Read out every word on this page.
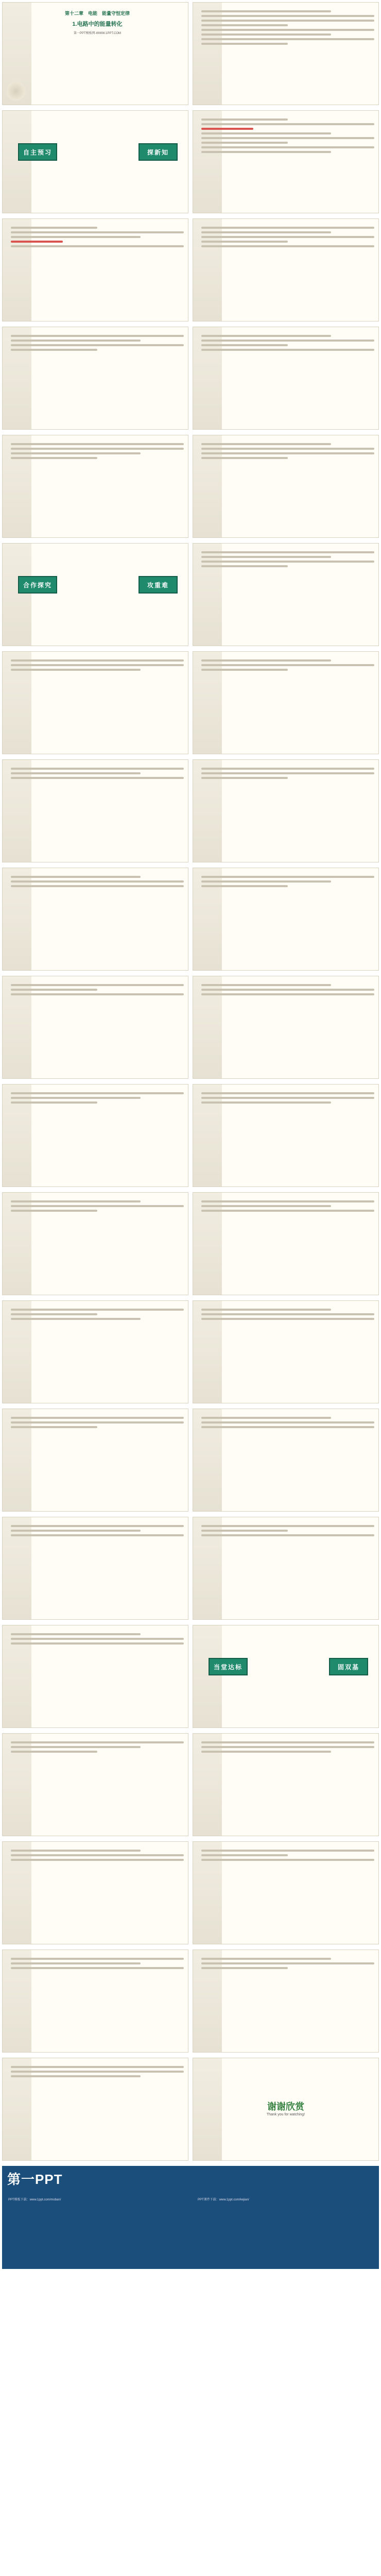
第十二章　电能　能量守恒定律
1.电路中的能量转化
第一PPT模板网-WWW.1PPT.COM
自主预习	探新知
合作探究	攻重难
当堂达标	固双基
谢谢欣赏
Thank you for watching!
第一PPT
PPT模板下载：www.1ppt.com/moban/	PPT课件下载：www.1ppt.com/kejian/
